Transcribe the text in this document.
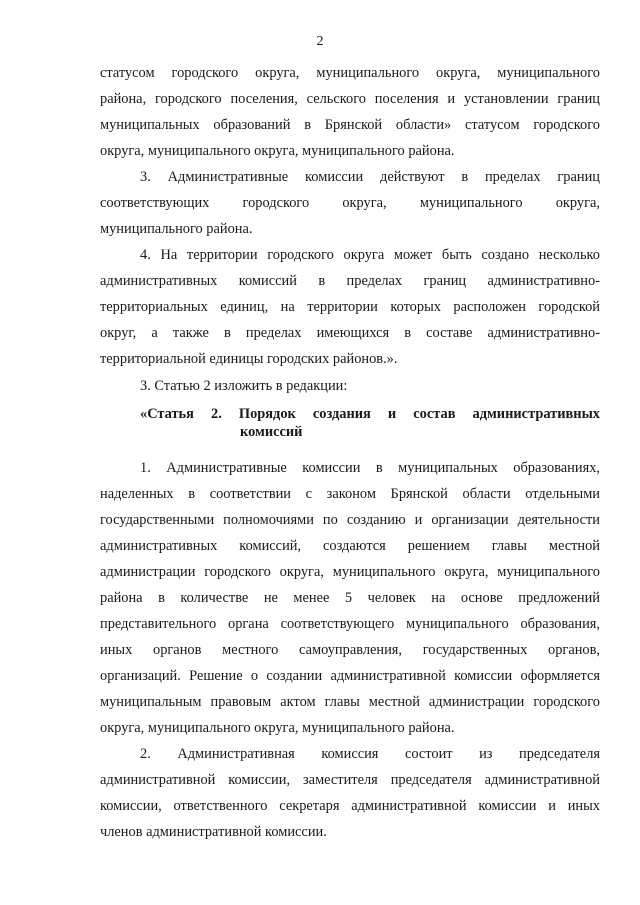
2
статусом городского округа, муниципального округа, муниципального
района, городского поселения, сельского поселения и установлении границ
муниципальных образований в Брянской области» статусом городского
округа, муниципального округа, муниципального района.
3. Административные комиссии действуют в пределах границ
соответствующих городского округа, муниципального округа,
муниципального района.
4. На территории городского округа может быть создано несколько
административных комиссий в пределах границ административно-
территориальных единиц, на территории которых расположен городской
округ, а также в пределах имеющихся в составе административно-
территориальной единицы городских районов.».
3. Статью 2 изложить в редакции:
«Статья 2. Порядок создания и состав административных
комиссий
1. Административные комиссии в муниципальных образованиях,
наделенных в соответствии с законом Брянской области отдельными
государственными полномочиями по созданию и организации деятельности
административных комиссий, создаются решением главы местной
администрации городского округа, муниципального округа, муниципального
района в количестве не менее 5 человек на основе предложений
представительного органа соответствующего муниципального образования,
иных органов местного самоуправления, государственных органов,
организаций. Решение о создании административной комиссии оформляется
муниципальным правовым актом главы местной администрации городского
округа, муниципального округа, муниципального района.
2. Административная комиссия состоит из председателя
административной комиссии, заместителя председателя административной
комиссии, ответственного секретаря административной комиссии и иных
членов административной комиссии.
